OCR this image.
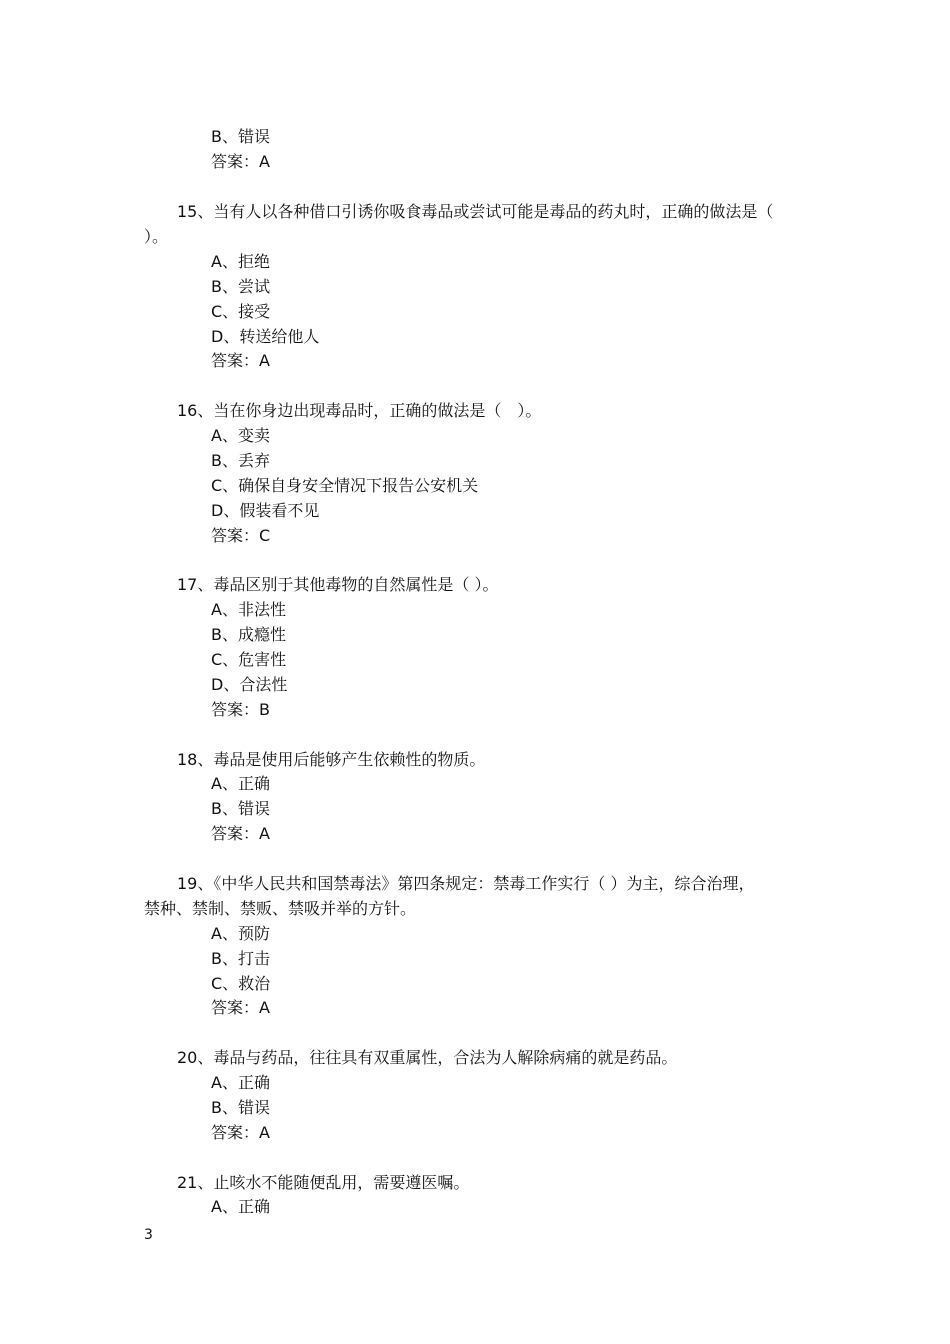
B、错误
答案：A
15、当有人以各种借口引诱你吸食毒品或尝试可能是毒品的药丸时，正确的做法是（
）。
A、拒绝
B、尝试
C、接受
D、转送给他人
答案：A
16、当在你身边出现毒品时，正确的做法是（　）。
A、变卖
B、丢弃
C、确保自身安全情况下报告公安机关
D、假装看不见
答案：C
17、毒品区别于其他毒物的自然属性是（ ）。
A、非法性
B、成瘾性
C、危害性
D、合法性
答案：B
18、毒品是使用后能够产生依赖性的物质。
A、正确
B、错误
答案：A
19、《中华人民共和国禁毒法》第四条规定：禁毒工作实行（ ）为主，综合治理，
禁种、禁制、禁贩、禁吸并举的方针。
A、预防
B、打击
C、救治
答案：A
20、毒品与药品，往往具有双重属性，合法为人解除病痛的就是药品。
A、正确
B、错误
答案：A
21、止咳水不能随便乱用，需要遵医嘱。
A、正确
3
